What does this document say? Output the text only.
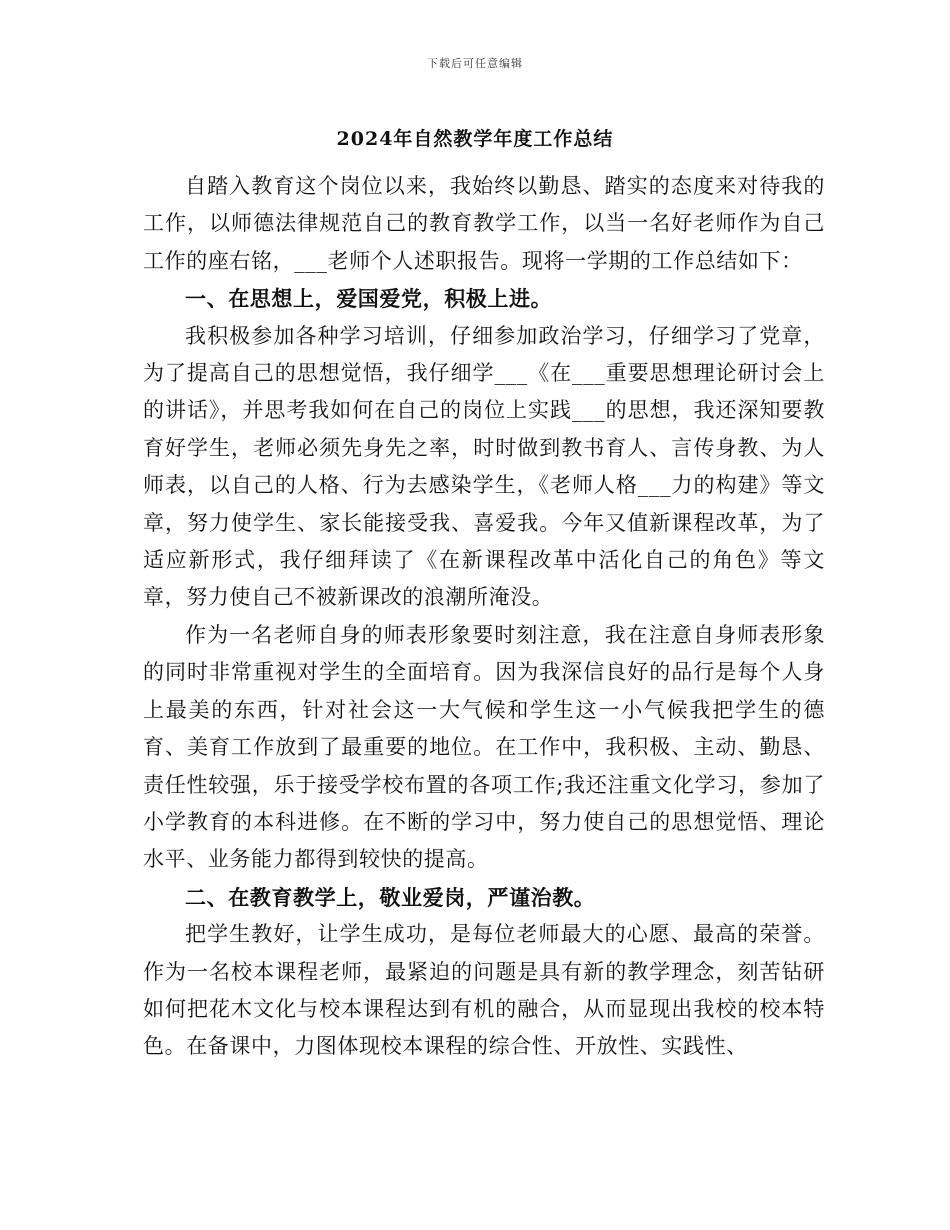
下载后可任意编辑
2024年自然教学年度工作总结

自踏入教育这个岗位以来，我始终以勤恳、踏实的态度来对待我的工作，以师德法律规范自己的教育教学工作，以当一名好老师作为自己工作的座右铭，___老师个人述职报告。现将一学期的工作总结如下：

一、在思想上，爱国爱党，积极上进。

我积极参加各种学习培训，仔细参加政治学习，仔细学习了党章，为了提高自己的思想觉悟，我仔细学___《在___重要思想理论研讨会上的讲话》，并思考我如何在自己的岗位上实践___的思想，我还深知要教育好学生，老师必须先身先之率，时时做到教书育人、言传身教、为人师表，以自己的人格、行为去感染学生，《老师人格___力的构建》等文章，努力使学生、家长能接受我、喜爱我。今年又值新课程改革，为了适应新形式，我仔细拜读了《在新课程改革中活化自己的角色》等文章，努力使自己不被新课改的浪潮所淹没。

作为一名老师自身的师表形象要时刻注意，我在注意自身师表形象的同时非常重视对学生的全面培育。因为我深信良好的品行是每个人身上最美的东西，针对社会这一大气候和学生这一小气候我把学生的德育、美育工作放到了最重要的地位。在工作中，我积极、主动、勤恳、责任性较强，乐于接受学校布置的各项工作;我还注重文化学习，参加了小学教育的本科进修。在不断的学习中，努力使自己的思想觉悟、理论水平、业务能力都得到较快的提高。

二、在教育教学上，敬业爱岗，严谨治教。

把学生教好，让学生成功，是每位老师最大的心愿、最高的荣誉。作为一名校本课程老师，最紧迫的问题是具有新的教学理念，刻苦钻研如何把花木文化与校本课程达到有机的融合，从而显现出我校的校本特色。在备课中，力图体现校本课程的综合性、开放性、实践性、
